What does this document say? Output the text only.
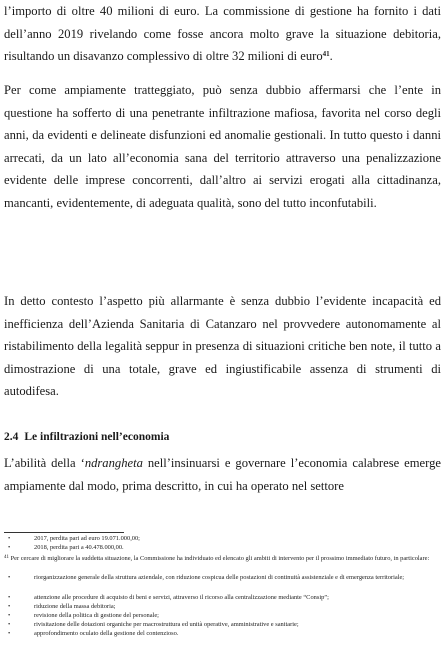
l’importo di oltre 40 milioni di euro. La commissione di gestione ha fornito i dati dell’anno 2019 rivelando come fosse ancora molto grave la situazione debitoria, risultando un disavanzo complessivo di oltre 32 milioni di euro$^{41}$.

Per come ampiamente tratteggiato, può senza dubbio affermarsi che l’ente in questione ha sofferto di una penetrante infiltrazione mafiosa, favorita nel corso degli anni, da evidenti e delineate disfunzioni ed anomalie gestionali. In tutto questo i danni arrecati, da un lato all’economia sana del territorio attraverso una penalizzazione evidente delle imprese concorrenti, dall’altro ai servizi erogati alla cittadinanza, mancanti, evidentemente, di adeguata qualità, sono del tutto inconfutabili.

In detto contesto l’aspetto più allarmante è senza dubbio l’evidente incapacità ed inefficienza dell’Azienda Sanitaria di Catanzaro nel provvedere autonomamente al ristabilimento della legalità seppur in presenza di situazioni critiche ben note, il tutto a dimostrazione di una totale, grave ed ingiustificabile assenza di strumenti di autodifesa.

2.4 Le infiltrazioni nell’economia

L’abilità della ‘ndrangheta nell’insinuarsi e governare l’economia calabrese emerge ampiamente dal modo, prima descritto, in cui ha operato nel settore

•	2017, perdita pari ad euro 19.071.000,00;
•	2018, perdita pari a 40.478.000,00.

$^{41}$ Per cercare di migliorare la suddetta situazione, la Commissione ha individuato ed elencato gli ambiti di intervento per il prossimo immediato futuro, in particolare:

•	riorganizzazione generale della struttura aziendale, con riduzione cospicua delle postazioni di continuità assistenziale e di emergenza territoriale;
•	attenzione alle procedure di acquisto di beni e servizi, attraverso il ricorso alla centralizzazione mediante “Consip”;
•	riduzione della massa debitoria;
•	revisione della politica di gestione del personale;
•	rivisitazione delle dotazioni organiche per macrostruttura ed unità operative, amministrative e sanitarie;
•	approfondimento oculato della gestione del contenzioso.
